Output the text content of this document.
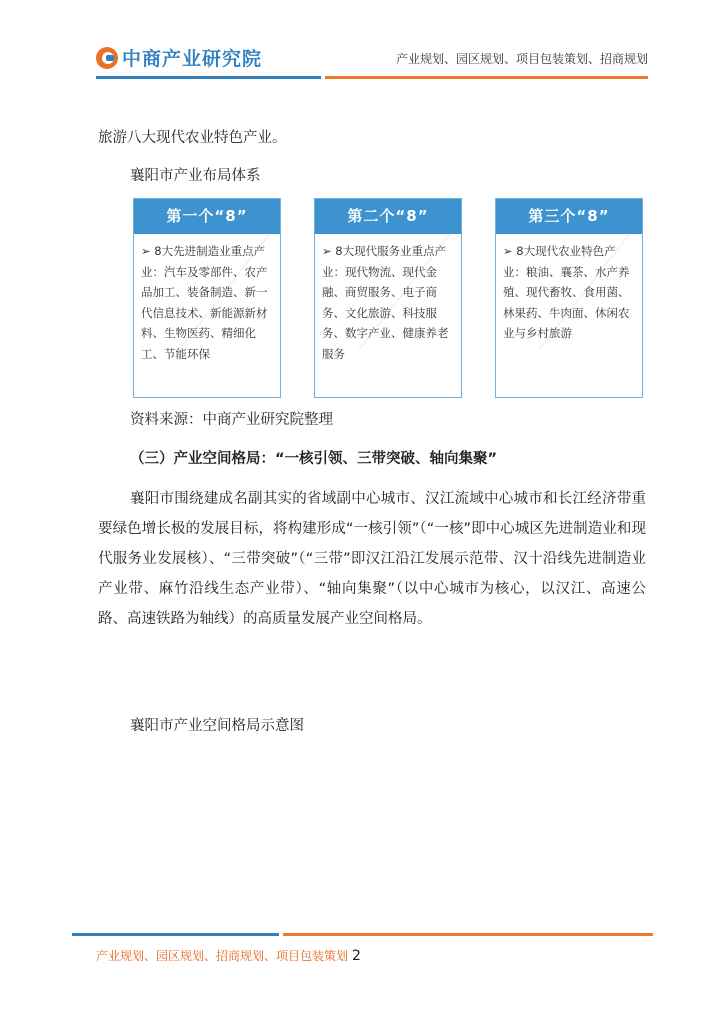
中商产业研究院	产业规划、园区规划、项目包装策划、招商规划
旅游八大现代农业特色产业。
襄阳市产业布局体系
第一个“8”
➢ 8大先进制造业重点产业：汽车及零部件、农产品加工、装备制造、新一代信息技术、新能源新材料、生物医药、精细化工、节能环保
第二个“8”
➢ 8大现代服务业重点产业：现代物流、现代金融、商贸服务、电子商务、文化旅游、科技服务、数字产业、健康养老服务
第三个“8”
➢ 8大现代农业特色产业：粮油、襄茶、水产养殖、现代畜牧、食用菌、林果药、牛肉面、休闲农业与乡村旅游
资料来源：中商产业研究院整理
（三）产业空间格局：“一核引领、三带突破、轴向集聚”
襄阳市围绕建成名副其实的省域副中心城市、汉江流域中心城市和长江经济带重要绿色增长极的发展目标，将构建形成“一核引领”（“一核”即中心城区先进制造业和现代服务业发展核）、“三带突破”（“三带”即汉江沿江发展示范带、汉十沿线先进制造业产业带、麻竹沿线生态产业带）、“轴向集聚”（以中心城市为核心，以汉江、高速公路、高速铁路为轴线）的高质量发展产业空间格局。
襄阳市产业空间格局示意图
产业规划、园区规划、招商规划、项目包装策划 2
